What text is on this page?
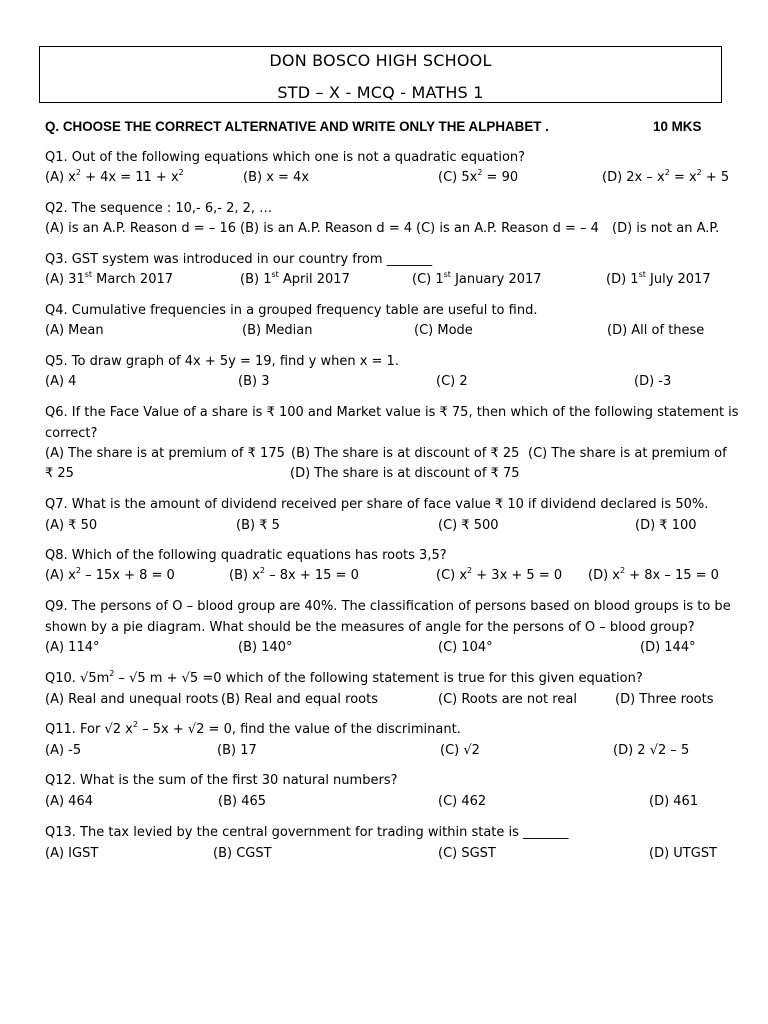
DON BOSCO HIGH SCHOOL
STD – X - MCQ - MATHS 1
Q. CHOOSE THE CORRECT ALTERNATIVE AND WRITE ONLY THE ALPHABET .	10 MKS
Q1. Out of the following equations which one is not a quadratic equation?
(A) $x^2 + 4x = 11 + x^2$	(B) x = 4x	(C) $5x^2 = 90$	(D) $2x - x^2 = x^2 + 5$
Q2. The sequence : 10,- 6,- 2, 2, …
(A) is an A.P. Reason d = – 16 (B) is an A.P. Reason d = 4 (C) is an A.P. Reason d = – 4 (D) is not an A.P.
Q3. GST system was introduced in our country from _______
(A) 31st March 2017	(B) 1st April 2017	(C) 1st January 2017	(D) 1st July 2017
Q4. Cumulative frequencies in a grouped frequency table are useful to find.
(A) Mean	(B) Median	(C) Mode	(D) All of these
Q5. To draw graph of 4x + 5y = 19, find y when x = 1.
(A) 4	(B) 3	(C) 2	(D) -3
Q6. If the Face Value of a share is ₹ 100 and Market value is ₹ 75, then which of the following statement is
correct?
(A) The share is at premium of ₹ 175 (B) The share is at discount of ₹ 25 (C) The share is at premium of
₹ 25	(D) The share is at discount of ₹ 75
Q7. What is the amount of dividend received per share of face value ₹ 10 if dividend declared is 50%.
(A) ₹ 50	(B) ₹ 5	(C) ₹ 500	(D) ₹ 100
Q8. Which of the following quadratic equations has roots 3,5?
(A) $x^2 - 15x + 8 = 0$	(B) $x^2 - 8x + 15 = 0$	(C) $x^2 + 3x + 5 = 0$ (D) $x^2 + 8x - 15 = 0$
Q9. The persons of O – blood group are 40%. The classification of persons based on blood groups is to be
shown by a pie diagram. What should be the measures of angle for the persons of O – blood group?
(A) 114°	(B) 140°	(C) 104°	(D) 144°
Q10. $√5m^2 - √5$ m + √5 =0 which of the following statement is true for this given equation?
(A) Real and unequal roots (B) Real and equal roots	(C) Roots are not real	(D) Three roots
Q11. For √2 $x^2 - 5x + √2 = 0$, find the value of the discriminant.
(A) -5	(B) 17	(C) √2	(D) 2 √2 – 5
Q12. What is the sum of the first 30 natural numbers?
(A) 464	(B) 465	(C) 462	(D) 461
Q13. The tax levied by the central government for trading within state is _______
(A) IGST	(B) CGST	(C) SGST	(D) UTGST
